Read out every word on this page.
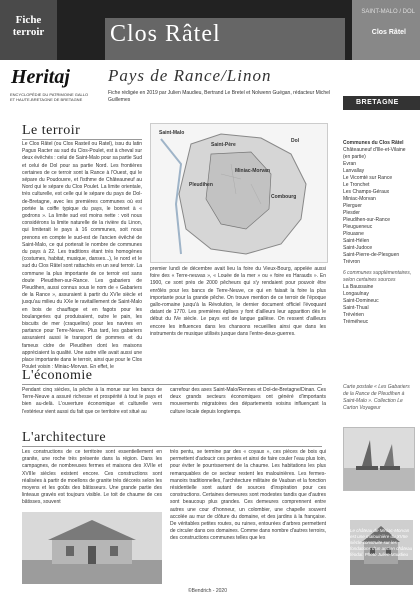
Fiche
terroir	Clos Râtel
SAINT-MALO / DOL
Clos Râtel
Heritaj
ENCYCLOPÉDIE DU PATRIMOINE GALLO ET HAUTE-BRETAGNE DE BRETAGNE
Pays de Rance/Linon
Fiche rédigée en 2019 par Julien Maudieu, Bertrand Le Bretel et Nolwenn Guégan, rédacteur Michel Guillemes	BRETAGNE
Le terroir
Le Clos Râtel (ou Clos Rasteil ou Ratel), issu du latin Pagus Racter au sud du Clos-Poulet, est à cheval sur deux évêchés : celui de Saint-Malo pour sa partie Sud et celui de Dol pour sa partie Nord. Les frontières certaines de ce terroir sont la Rance à l'Ouest, qui le sépare du Poudouvre, et l'isthme de Châteauneuf au Nord qui le sépare du Clos Poulet. La limite orientale, très culturelle, est celle qui le sépare du pays de Dol-de-Bretagne, avec les premières communes où est portée la coiffe typique du pays, le bonnet à « godrons ». La limite sud est moins nette : voit nous considérons la limite naturelle de la rivière du Linon, qui limiterait le pays à 16 communes, soit nous prenons en compte le sud-est de l'ancien évêché de Saint-Malo, ce qui porterait le nombre de communes du pays à 22. Les traditions étant très homogènes (costumes, habitat, musique, danses...), le nord et le sud du Clos Râtel sont rattachés en un seul terroir. La commune la plus importante de ce terroir est sans doute Pleudihen-sur-Rance. Les gabariers de Pleudihen, aussi connus sous le nom de « Gabariers de la Rance », assuraient à partir du XVIe siècle et jusqu'au milieu du XXe le ravitaillement de Saint-Malo en bois de chauffage et en fagots pour les boulangeries qui produisaient, outre le pain, les biscuits de mer (craquelins) pour les navires en partance pour Terre-Neuve. Plus tard, les gabariers assuraient aussi le transport de pommes et du fameux cidre de Pleudihen dont les maisons appréciaient la qualité. Une autre ville avait aussi une place importante dans le terroir, ainsi que pour le Clos Poulet voisin : Miniac-Morvan. En effet, le
Saint-Malo
Saint-Père
Pleudihen
Miniac-Morvan
Combourg
Dol
premier lundi de décembre avait lieu la foire du Vieux-Bourg, appelée aussi foire des « Terre-neuvas », « Louée de la mer » ou « foire es Harauds ». En 1900, ce sont près de 2000 pêcheurs qui s'y rendaient pour pouvoir être enrôlés pour les bancs de Terre-Neuve, ce qui en faisait la foire la plus importante pour la grande pêche. On trouve mention de ce terroir de l'époque gallo-romaine jusqu'à la Révolution, le dernier document officiel l'évoquant datant de 1770. Les premières églises y font d'ailleurs leur apparition dès le début du IVe siècle. Le pays est de langue gallèse. On ressent d'ailleurs encore les influences dans les chansons recueillies ainsi que dans les instruments de musique utilisés jusque dans l'entre-deux-guerres.
Communes du Clos Râtel
Châteauneuf d'Ille-et-Vilaine (en partie)
Evran
Lanvallay
Le Vicomté sur Rance
Le Tronchet
Les Champs-Géraux
Miniac-Morvan
Plerguer
Plesder
Pleudihen-sur-Rance
Pleugueneuc
Plouasne
Saint-Hélen
Saint-Judoce
Saint-Pierre-de-Plesguen
Trévron
6 communes supplémentaires, selon certaines sources
La Baussaine
Longaulnay
Saint-Domineuc
Saint-Thual
Trévérien
Tréméheuc
Carte postale « Les Gabariers de la Rance de Pleudihen à Saint-Malo ». Collection Le Carton Voyageur
L'économie
Pendant cinq siècles, la pêche à la morue sur les bancs de Terre-Neuve a assuré richesse et prospérité à tout le pays et bien au-delà. L'ouverture économique et culturelle vers l'extérieur vient aussi du fait que ce territoire est situé au
carrefour des axes Saint-Malo/Rennes et Dol-de-Bretagne/Dinan. Ces deux grands secteurs économiques ont généré d'importants mouvements migratoires des départements voisins influençant la culture locale depuis longtemps.
L'architecture
Les constructions de ce territoire sont essentiellement en granite, une roche très présente dans la région. Dans les campagnes, de nombreuses fermes et maisons des XVIIe et XVIIIe siècles existent encore. Ces constructions sont réalisées à partir de moellons de granite très décorés selon les moyens et les goûts des bâtisseurs. Une grande partie des linteaux gravés est toujours visible. Le toit de chaume de ces bâtisses, souvent
très pentu, se termine par des « coyaux », ces pièces de bois qui permettent d'adoucir ces pentes et ainsi de faire couler l'eau plus loin, pour éviter le pourrissement de la chaume. Les habitations les plus remarquables de ce secteur restent les malouinières. Les fermes-manoirs traditionnelles, l'architecture militaire de Vauban et la fonction résidentielle sont autant de sources d'inspiration pour ces constructions. Certaines demeures sont modestes tandis que d'autres sont beaucoup plus grandes. Ces demeures comprennent entre autres une cour d'honneur, un colombier, une chapelle souvent accolée au mur de clôture du domaine, et des jardins à la française. De véritables petites routes, ou ruines, entourées d'arbres permettent de circuler dans ces domaines. Comme dans nombre d'autres terroirs, des constructions communes telles que les
Le château de Miniac-Morvan est une malouinière du XVIIe siècle construite sur les fondations d'un ancien château féodal. Photo Julien Maudieu
©Bendrich - 2020
